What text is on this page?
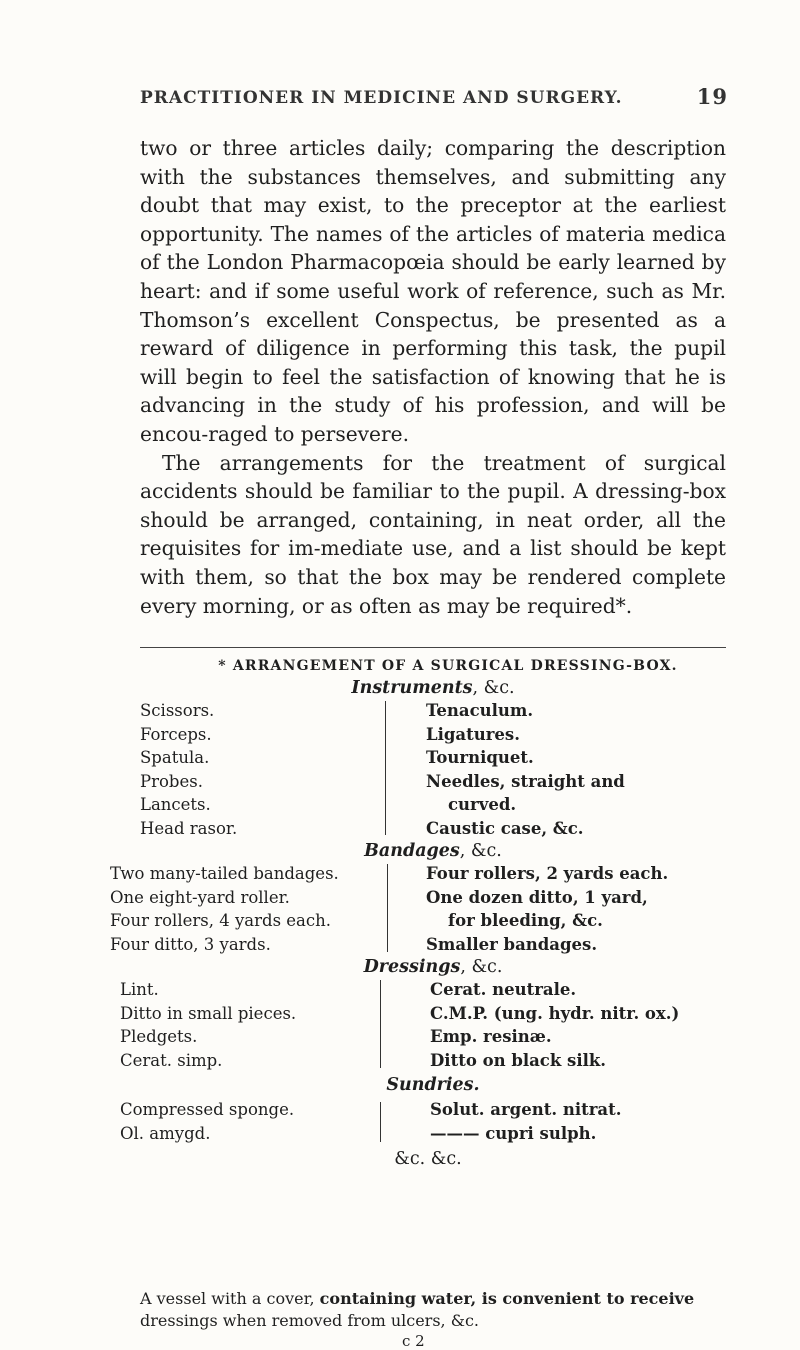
PRACTITIONER IN MEDICINE AND SURGERY.	19

two or three articles daily; comparing the description with the substances themselves, and submitting any doubt that may exist, to the preceptor at the earliest opportunity. The names of the articles of materia medica of the London Pharmacopœia should be early learned by heart: and if some useful work of reference, such as Mr. Thomson’s excellent Conspectus, be presented as a reward of diligence in performing this task, the pupil will begin to feel the satisfaction of knowing that he is advancing in the study of his profession, and will be encou-raged to persevere.

The arrangements for the treatment of surgical accidents should be familiar to the pupil. A dressing-box should be arranged, containing, in neat order, all the requisites for im-mediate use, and a list should be kept with them, so that the box may be rendered complete every morning, or as often as may be required*.

* ARRANGEMENT OF A SURGICAL DRESSING-BOX.
Instruments, &c.
Scissors.
Forceps.
Spatula.
Probes.
Lancets.
Head rasor.
Tenaculum.
Ligatures.
Tourniquet.
Needles, straight and
curved.
Caustic case, &c.
Bandages, &c.
Two many-tailed bandages.
One eight-yard roller.
Four rollers, 4 yards each.
Four ditto, 3 yards.
Four rollers, 2 yards each.
One dozen ditto, 1 yard,
for bleeding, &c.
Smaller bandages.
Dressings, &c.
Lint.
Ditto in small pieces.
Pledgets.
Cerat. simp.
Cerat. neutrale.
C.M.P. (ung. hydr. nitr. ox.)
Emp. resinæ.
Ditto on black silk.
Sundries.
Compressed sponge.
Ol. amygd.
Solut. argent. nitrat.
——— cupri sulph.
&c. &c.
A vessel with a cover, containing water, is convenient to receive dressings when removed from ulcers, &c.
c 2
